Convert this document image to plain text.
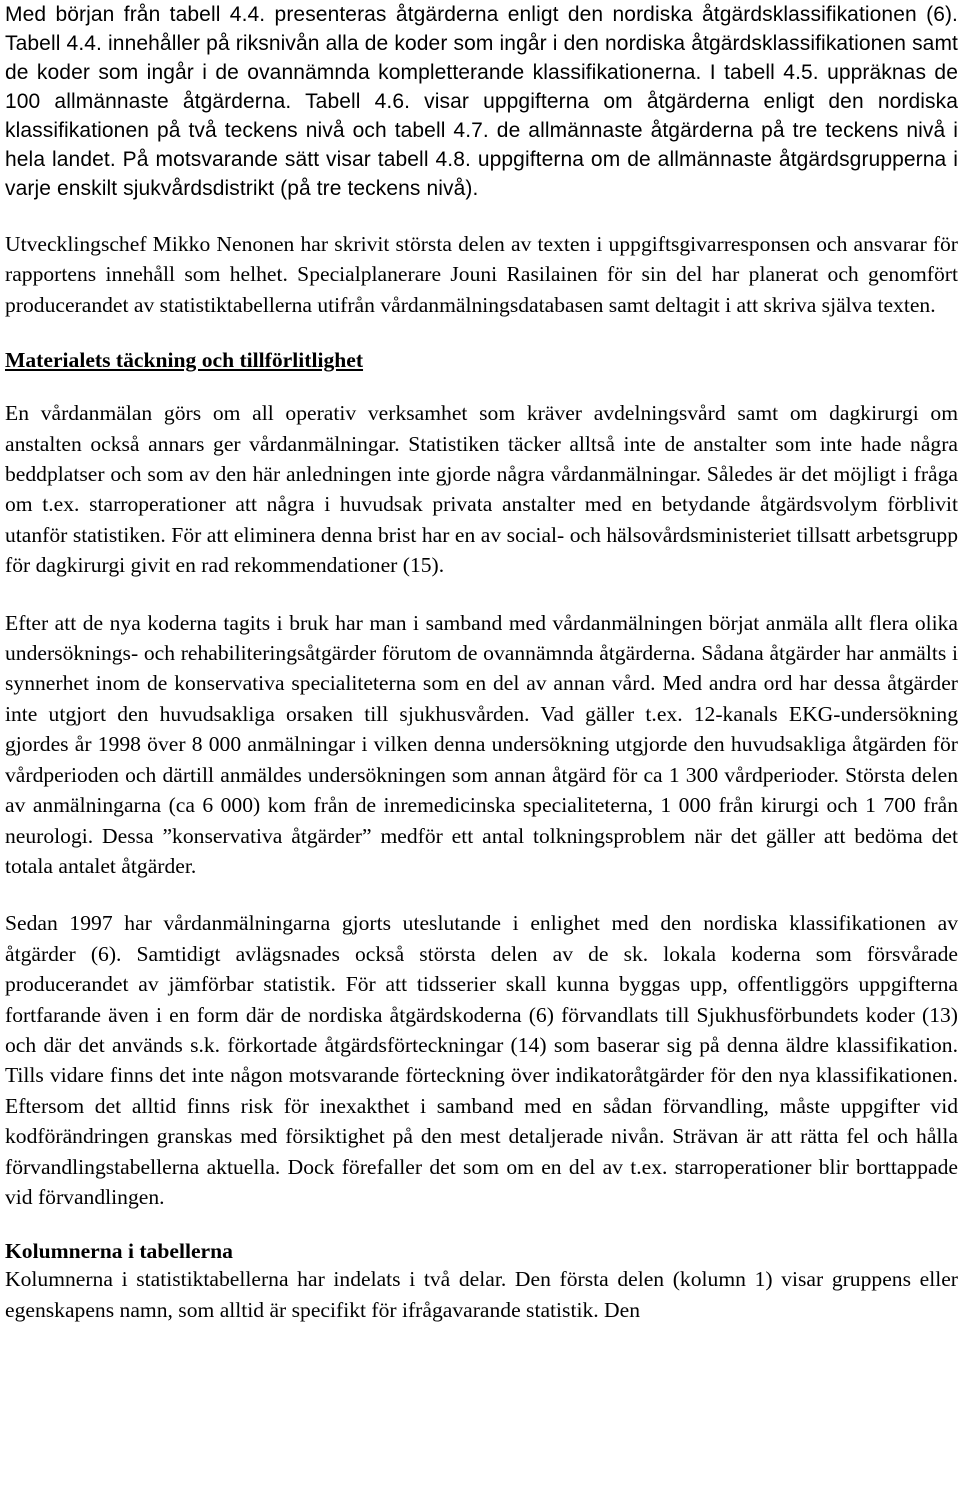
Med början från tabell 4.4. presenteras åtgärderna enligt den nordiska åtgärdsklassifikationen (6). Tabell 4.4. innehåller på riksnivån alla de koder som ingår i den nordiska åtgärdsklassifikationen samt de koder som ingår i de ovannämnda kompletterande klassifikationerna. I tabell 4.5. uppräknas de 100 allmännaste åtgärderna. Tabell 4.6. visar uppgifterna om åtgärderna enligt den nordiska klassifikationen på två teckens nivå och tabell 4.7. de allmännaste åtgärderna på tre teckens nivå i hela landet. På motsvarande sätt visar tabell 4.8. uppgifterna om de allmännaste åtgärdsgrupperna i varje enskilt sjukvårdsdistrikt (på tre teckens nivå).

Utvecklingschef Mikko Nenonen har skrivit största delen av texten i uppgiftsgivarresponsen och ansvarar för rapportens innehåll som helhet. Specialplanerare Jouni Rasilainen för sin del har planerat och genomfört producerandet av statistiktabellerna utifrån vårdanmälningsdatabasen samt deltagit i att skriva själva texten.

Materialets täckning och tillförlitlighet

En vårdanmälan görs om all operativ verksamhet som kräver avdelningsvård samt om dagkirurgi om anstalten också annars ger vårdanmälningar. Statistiken täcker alltså inte de anstalter som inte hade några beddplatser och som av den här anledningen inte gjorde några vårdanmälningar. Således är det möjligt i fråga om t.ex. starroperationer att några i huvudsak privata anstalter med en betydande åtgärdsvolym förblivit utanför statistiken. För att eliminera denna brist har en av social- och hälsovårdsministeriet tillsatt arbetsgrupp för dagkirurgi givit en rad rekommendationer (15).

Efter att de nya koderna tagits i bruk har man i samband med vårdanmälningen börjat anmäla allt flera olika undersöknings- och rehabiliteringsåtgärder förutom de ovannämnda åtgärderna. Sådana åtgärder har anmälts i synnerhet inom de konservativa specialiteterna som en del av annan vård. Med andra ord har dessa åtgärder inte utgjort den huvudsakliga orsaken till sjukhusvården. Vad gäller t.ex. 12-kanals EKG-undersökning gjordes år 1998 över 8 000 anmälningar i vilken denna undersökning utgjorde den huvudsakliga åtgärden för vårdperioden och därtill anmäldes undersökningen som annan åtgärd för ca 1 300 vårdperioder. Största delen av anmälningarna (ca 6 000) kom från de inremedicinska specialiteterna, 1 000 från kirurgi och 1 700 från neurologi. Dessa ”konservativa åtgärder” medför ett antal tolkningsproblem när det gäller att bedöma det totala antalet åtgärder.

Sedan 1997 har vårdanmälningarna gjorts uteslutande i enlighet med den nordiska klassifikationen av åtgärder (6). Samtidigt avlägsnades också största delen av de sk. lokala koderna som försvårade producerandet av jämförbar statistik. För att tidsserier skall kunna byggas upp, offentliggörs uppgifterna fortfarande även i en form där de nordiska åtgärdskoderna (6) förvandlats till Sjukhusförbundets koder (13) och där det används s.k. förkortade åtgärdsförteckningar (14) som baserar sig på denna äldre klassifikation. Tills vidare finns det inte någon motsvarande förteckning över indikatoråtgärder för den nya klassifikationen. Eftersom det alltid finns risk för inexakthet i samband med en sådan förvandling, måste uppgifter vid kodförändringen granskas med försiktighet på den mest detaljerade nivån. Strävan är att rätta fel och hålla förvandlingstabellerna aktuella. Dock förefaller det som om en del av t.ex. starroperationer blir borttappade vid förvandlingen.

Kolumnerna i tabellerna

Kolumnerna i statistiktabellerna har indelats i två delar. Den första delen (kolumn 1) visar gruppens eller egenskapens namn, som alltid är specifikt för ifrågavarande statistik. Den
